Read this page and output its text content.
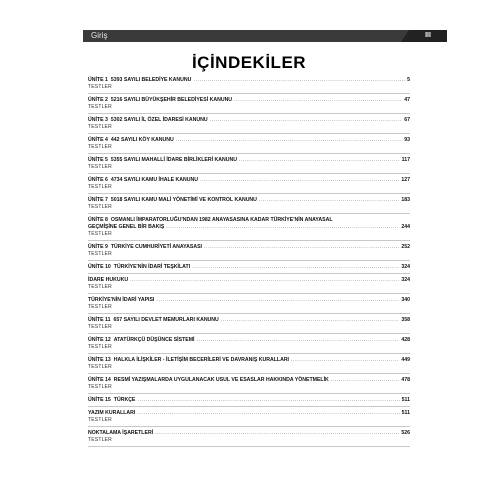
Giriş	III
İÇİNDEKİLER
ÜNİTE 1 5393 SAYILI BELEDİYE KANUNU .....	5
TESTLER
ÜNİTE 2 5216 SAYILI BÜYÜKŞEHİR BELEDİYESİ KANUNU .....	47
TESTLER
ÜNİTE 3 5302 SAYILI İL ÖZEL İDARESİ KANUNU .....	67
TESTLER
ÜNİTE 4 442 SAYILI KÖY KANUNU .....	93
TESTLER
ÜNİTE 5 5355 SAYILI MAHALLİ İDARE BİRLİKLERİ KANUNU .....	117
TESTLER
ÜNİTE 6 4734 SAYILI KAMU İHALE KANUNU .....	127
TESTLER
ÜNİTE 7 5018 SAYILI KAMU MALİ YÖNETİMİ VE KONTROL KANUNU .....	183
TESTLER
ÜNİTE 8 OSMANLI İMPARATORLUĞU'NDAN 1982 ANAYASASINA KADAR TÜRKİYE'NİN ANAYASAL
GEÇMİŞİNE GENEL BİR BAKIŞ .....	244
TESTLER
ÜNİTE 9 TÜRKİYE CUMHURİYETİ ANAYASASI .....	252
TESTLER
ÜNİTE 10 TÜRKİYE'NİN İDARİ TEŞKİLATI .....	324
İDARE HUKUKU .....	324
TESTLER
TÜRKİYE'NİN İDARİ YAPISI .....	340
TESTLER
ÜNİTE 11 657 SAYILI DEVLET MEMURLARI KANUNU .....	358
TESTLER
ÜNİTE 12 ATATÜRKÇÜ DÜŞÜNCE SİSTEMİ .....	428
TESTLER
ÜNİTE 13 HALKLA İLİŞKİLER - İLETİŞİM BECERİLERİ VE DAVRANIŞ KURALLARI .....	449
TESTLER
ÜNİTE 14 RESMİ YAZIŞMALARDA UYGULANACAK USUL VE ESASLAR HAKKINDA YÖNETMELİK .....	478
TESTLER
ÜNİTE 15 TÜRKÇE .....	511
YAZIM KURALLARI .....	511
TESTLER
NOKTALAMA İŞARETLERİ .....	526
TESTLER
